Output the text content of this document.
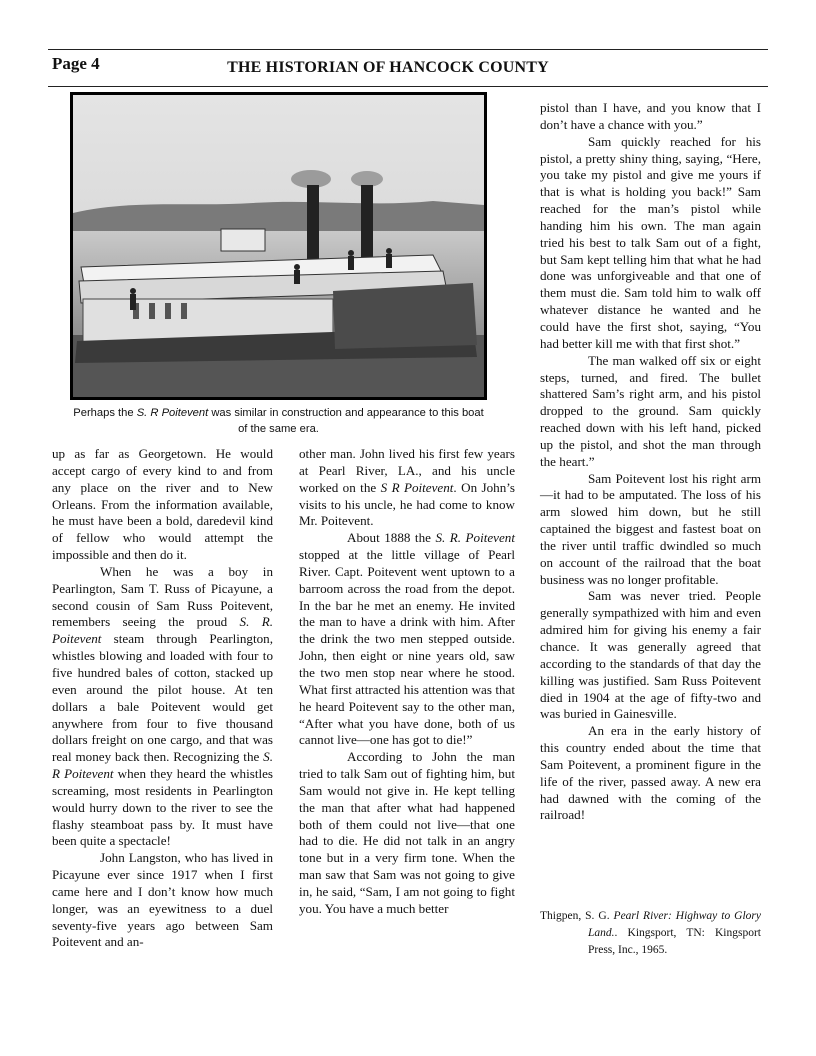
Page 4	THE HISTORIAN OF HANCOCK COUNTY
Perhaps the S. R Poitevent was similar in construction and appearance to this boat of the same era.

up as far as Georgetown. He would accept cargo of every kind to and from any place on the river and to New Orleans. From the information available, he must have been a bold, daredevil kind of fellow who would attempt the impossible and then do it.

When he was a boy in Pearlington, Sam T. Russ of Picayune, a second cousin of Sam Russ Poitevent, remembers seeing the proud S. R. Poitevent steam through Pearlington, whistles blowing and loaded with four to five hundred bales of cotton, stacked up even around the pilot house. At ten dollars a bale Poitevent would get anywhere from four to five thousand dollars freight on one cargo, and that was real money back then. Recognizing the S. R Poitevent when they heard the whistles screaming, most residents in Pearlington would hurry down to the river to see the flashy steamboat pass by. It must have been quite a spectacle!

John Langston, who has lived in Picayune ever since 1917 when I first came here and I don’t know how much longer, was an eyewitness to a duel seventy-five years ago between Sam Poitevent and an-

other man. John lived his first few years at Pearl River, LA., and his uncle worked on the S R Poitevent. On John’s visits to his uncle, he had come to know Mr. Poitevent.

About 1888 the S. R. Poitevent stopped at the little village of Pearl River. Capt. Poitevent went uptown to a barroom across the road from the depot. In the bar he met an enemy. He invited the man to have a drink with him. After the drink the two men stepped outside. John, then eight or nine years old, saw the two men stop near where he stood. What first attracted his attention was that he heard Poitevent say to the other man, “After what you have done, both of us cannot live—one has got to die!”

According to John the man tried to talk Sam out of fighting him, but Sam would not give in. He kept telling the man that after what had happened both of them could not live—that one had to die. He did not talk in an angry tone but in a very firm tone. When the man saw that Sam was not going to give in, he said, “Sam, I am not going to fight you. You have a much better

pistol than I have, and you know that I don’t have a chance with you.”

Sam quickly reached for his pistol, a pretty shiny thing, saying, “Here, you take my pistol and give me yours if that is what is holding you back!” Sam reached for the man’s pistol while handing him his own. The man again tried his best to talk Sam out of a fight, but Sam kept telling him that what he had done was unforgiveable and that one of them must die. Sam told him to walk off whatever distance he wanted and he could have the first shot, saying, “You had better kill me with that first shot.”

The man walked off six or eight steps, turned, and fired. The bullet shattered Sam’s right arm, and his pistol dropped to the ground. Sam quickly reached down with his left hand, picked up the pistol, and shot the man through the heart.”

Sam Poitevent lost his right arm—it had to be amputated. The loss of his arm slowed him down, but he still captained the biggest and fastest boat on the river until traffic dwindled so much on account of the railroad that the boat business was no longer profitable.

Sam was never tried. People generally sympathized with him and even admired him for giving his enemy a fair chance. It was generally agreed that according to the standards of that day the killing was justified. Sam Russ Poitevent died in 1904 at the age of fifty-two and was buried in Gainesville.

An era in the early history of this country ended about the time that Sam Poitevent, a prominent figure in the life of the river, passed away. A new era had dawned with the coming of the railroad!

Thigpen, S. G. Pearl River: Highway to Glory Land.. Kingsport, TN: Kingsport Press, Inc., 1965.
